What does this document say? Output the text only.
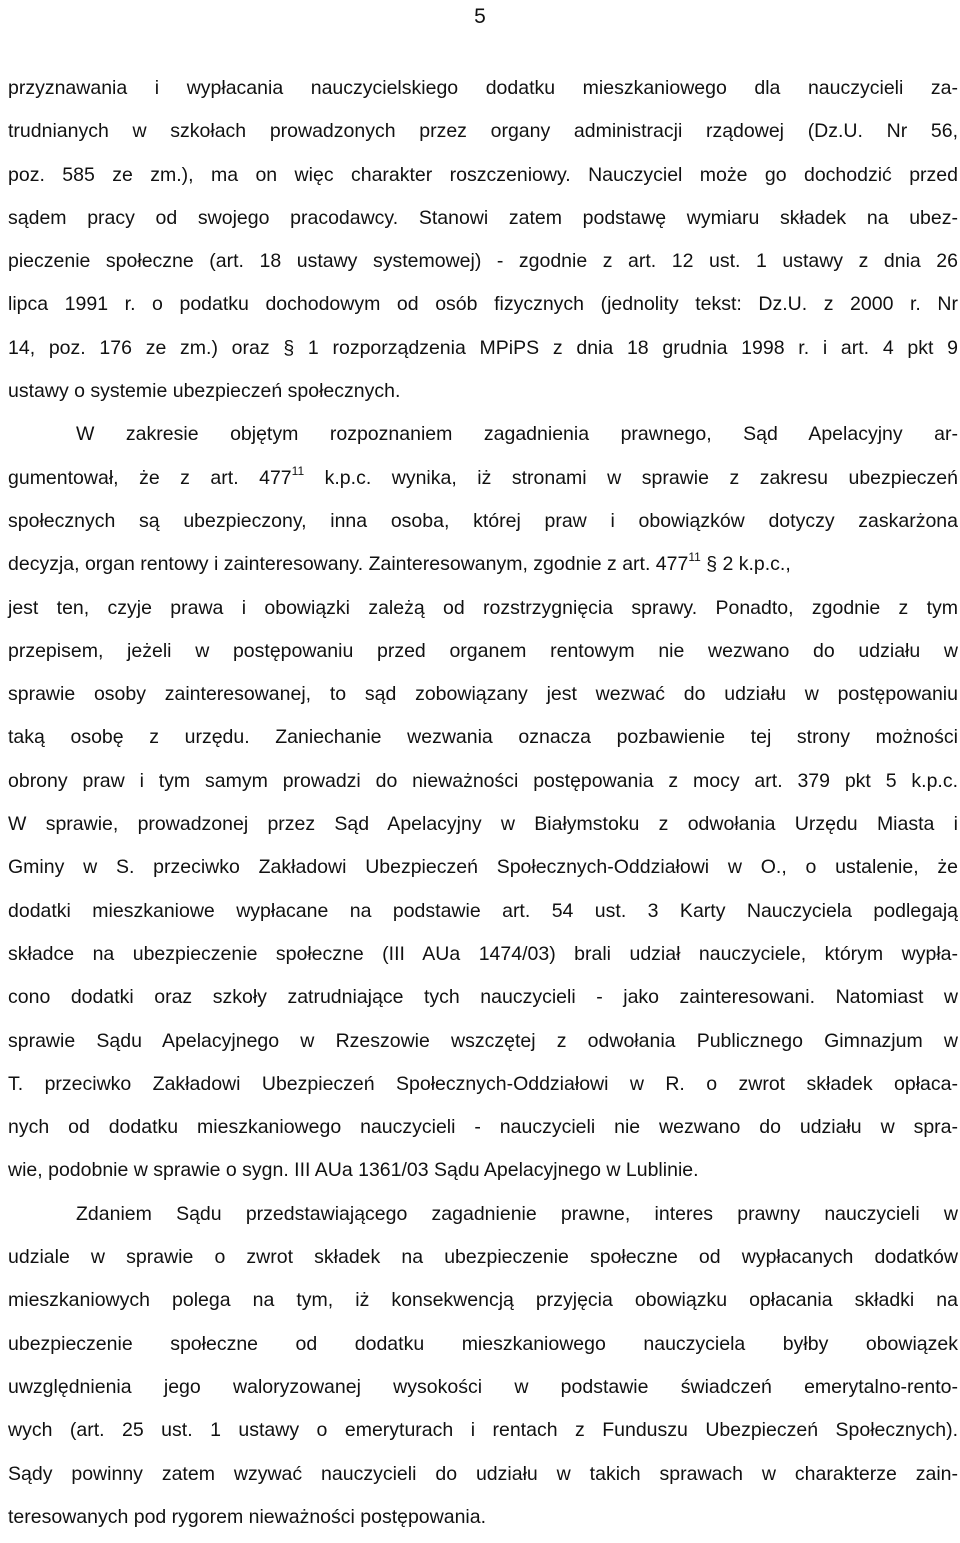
5
przyznawania i wypłacania nauczycielskiego dodatku mieszkaniowego dla nauczycieli za-
trudnianych w szkołach prowadzonych przez organy administracji rządowej (Dz.U. Nr 56,
poz. 585 ze zm.), ma on więc charakter roszczeniowy. Nauczyciel może go dochodzić przed
sądem pracy od swojego pracodawcy. Stanowi zatem podstawę wymiaru składek na ubez-
pieczenie społeczne (art. 18 ustawy systemowej) - zgodnie z art. 12 ust. 1 ustawy z dnia 26
lipca 1991 r. o podatku dochodowym od osób fizycznych (jednolity tekst: Dz.U. z 2000 r. Nr
14, poz. 176 ze zm.) oraz § 1 rozporządzenia MPiPS z dnia 18 grudnia 1998 r. i art. 4 pkt 9
ustawy o systemie ubezpieczeń społecznych.
W zakresie objętym rozpoznaniem zagadnienia prawnego, Sąd Apelacyjny ar-
gumentował, że z art. $477^{11}$ k.p.c. wynika, iż stronami w sprawie z zakresu ubezpieczeń
społecznych są ubezpieczony, inna osoba, której praw i obowiązków dotyczy zaskarżona
decyzja, organ rentowy i zainteresowany. Zainteresowanym, zgodnie z art. $477^{11}$ § 2 k.p.c.,
jest ten, czyje prawa i obowiązki zależą od rozstrzygnięcia sprawy. Ponadto, zgodnie z tym
przepisem, jeżeli w postępowaniu przed organem rentowym nie wezwano do udziału w
sprawie osoby zainteresowanej, to sąd zobowiązany jest wezwać do udziału w postępowaniu
taką osobę z urzędu. Zaniechanie wezwania oznacza pozbawienie tej strony możności
obrony praw i tym samym prowadzi do nieważności postępowania z mocy art. 379 pkt 5 k.p.c.
W sprawie, prowadzonej przez Sąd Apelacyjny w Białymstoku z odwołania Urzędu Miasta i
Gminy w S. przeciwko Zakładowi Ubezpieczeń Społecznych-Oddziałowi w O., o ustalenie, że
dodatki mieszkaniowe wypłacane na podstawie art. 54 ust. 3 Karty Nauczyciela podlegają
składce na ubezpieczenie społeczne (III AUa 1474/03) brali udział nauczyciele, którym wypła-
cono dodatki oraz szkoły zatrudniające tych nauczycieli - jako zainteresowani. Natomiast w
sprawie Sądu Apelacyjnego w Rzeszowie wszczętej z odwołania Publicznego Gimnazjum w
T. przeciwko Zakładowi Ubezpieczeń Społecznych-Oddziałowi w R. o zwrot składek opłaca-
nych od dodatku mieszkaniowego nauczycieli - nauczycieli nie wezwano do udziału w spra-
wie, podobnie w sprawie o sygn. III AUa 1361/03 Sądu Apelacyjnego w Lublinie.
Zdaniem Sądu przedstawiającego zagadnienie prawne, interes prawny nauczycieli w
udziale w sprawie o zwrot składek na ubezpieczenie społeczne od wypłacanych dodatków
mieszkaniowych polega na tym, iż konsekwencją przyjęcia obowiązku opłacania składki na
ubezpieczenie społeczne od dodatku mieszkaniowego nauczyciela byłby obowiązek
uwzględnienia jego waloryzowanej wysokości w podstawie świadczeń emerytalno-rento-
wych (art. 25 ust. 1 ustawy o emeryturach i rentach z Funduszu Ubezpieczeń Społecznych).
Sądy powinny zatem wzywać nauczycieli do udziału w takich sprawach w charakterze zain-
teresowanych pod rygorem nieważności postępowania.
